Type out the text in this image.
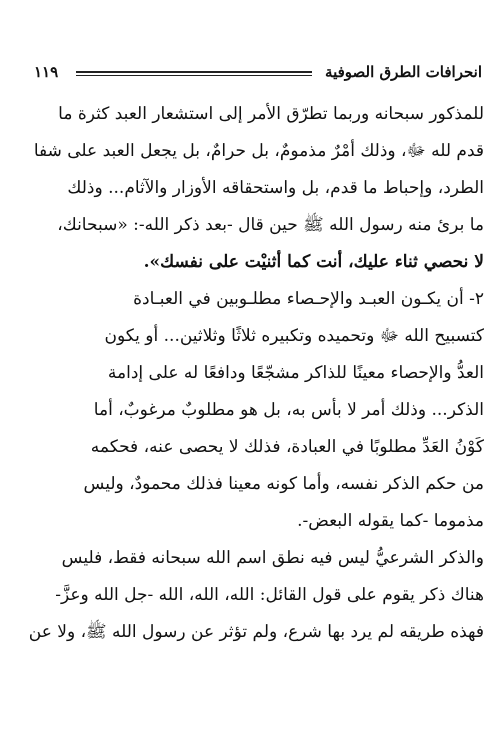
انحرافات الطرق الصوفية
١١٩
للمذكور سبحانه وربما تطرّق الأمر إلى استشعار العبد كثرة ما
قدم لله ﷻ، وذلك أمْرٌ مذمومٌ، بل حرامٌ، بل يجعل العبد على شفا
الطرد، وإحباط ما قدم، بل واستحقاقه الأوزار والآثام... وذلك
ما برئ منه رسول الله ﷺ حين قال -بعد ذكر الله-: «سبحانك،
لا نحصي ثناء عليك، أنت كما أثنيْت على نفسك».
٢- أن يكـون العبـد والإحـصاء مطلـوبين في العبـادة
كتسبيح الله ﷻ وتحميده وتكبيره ثلاثًا وثلاثين... أو يكون
العدُّ والإحصاء معينًا للذاكر مشجّعًا ودافعًا له على إدامة
الذكر... وذلك أمر لا بأس به، بل هو مطلوبٌ مرغوبٌ، أما
كَوْنُ العَدِّ مطلوبًا في العبادة، فذلك لا يحصى عنه، فحكمه
من حكم الذكر نفسه، وأما كونه معينا فذلك محمودٌ، وليس
مذموما -كما يقوله البعض-.
والذكر الشرعيُّ ليس فيه نطق اسم الله سبحانه فقط، فليس
هناك ذكر يقوم على قول القائل: الله، الله، الله -جل الله وعزَّ-
فهذه طريقه لم يرد بها شرع، ولم تؤثر عن رسول الله ﷺ، ولا عن
